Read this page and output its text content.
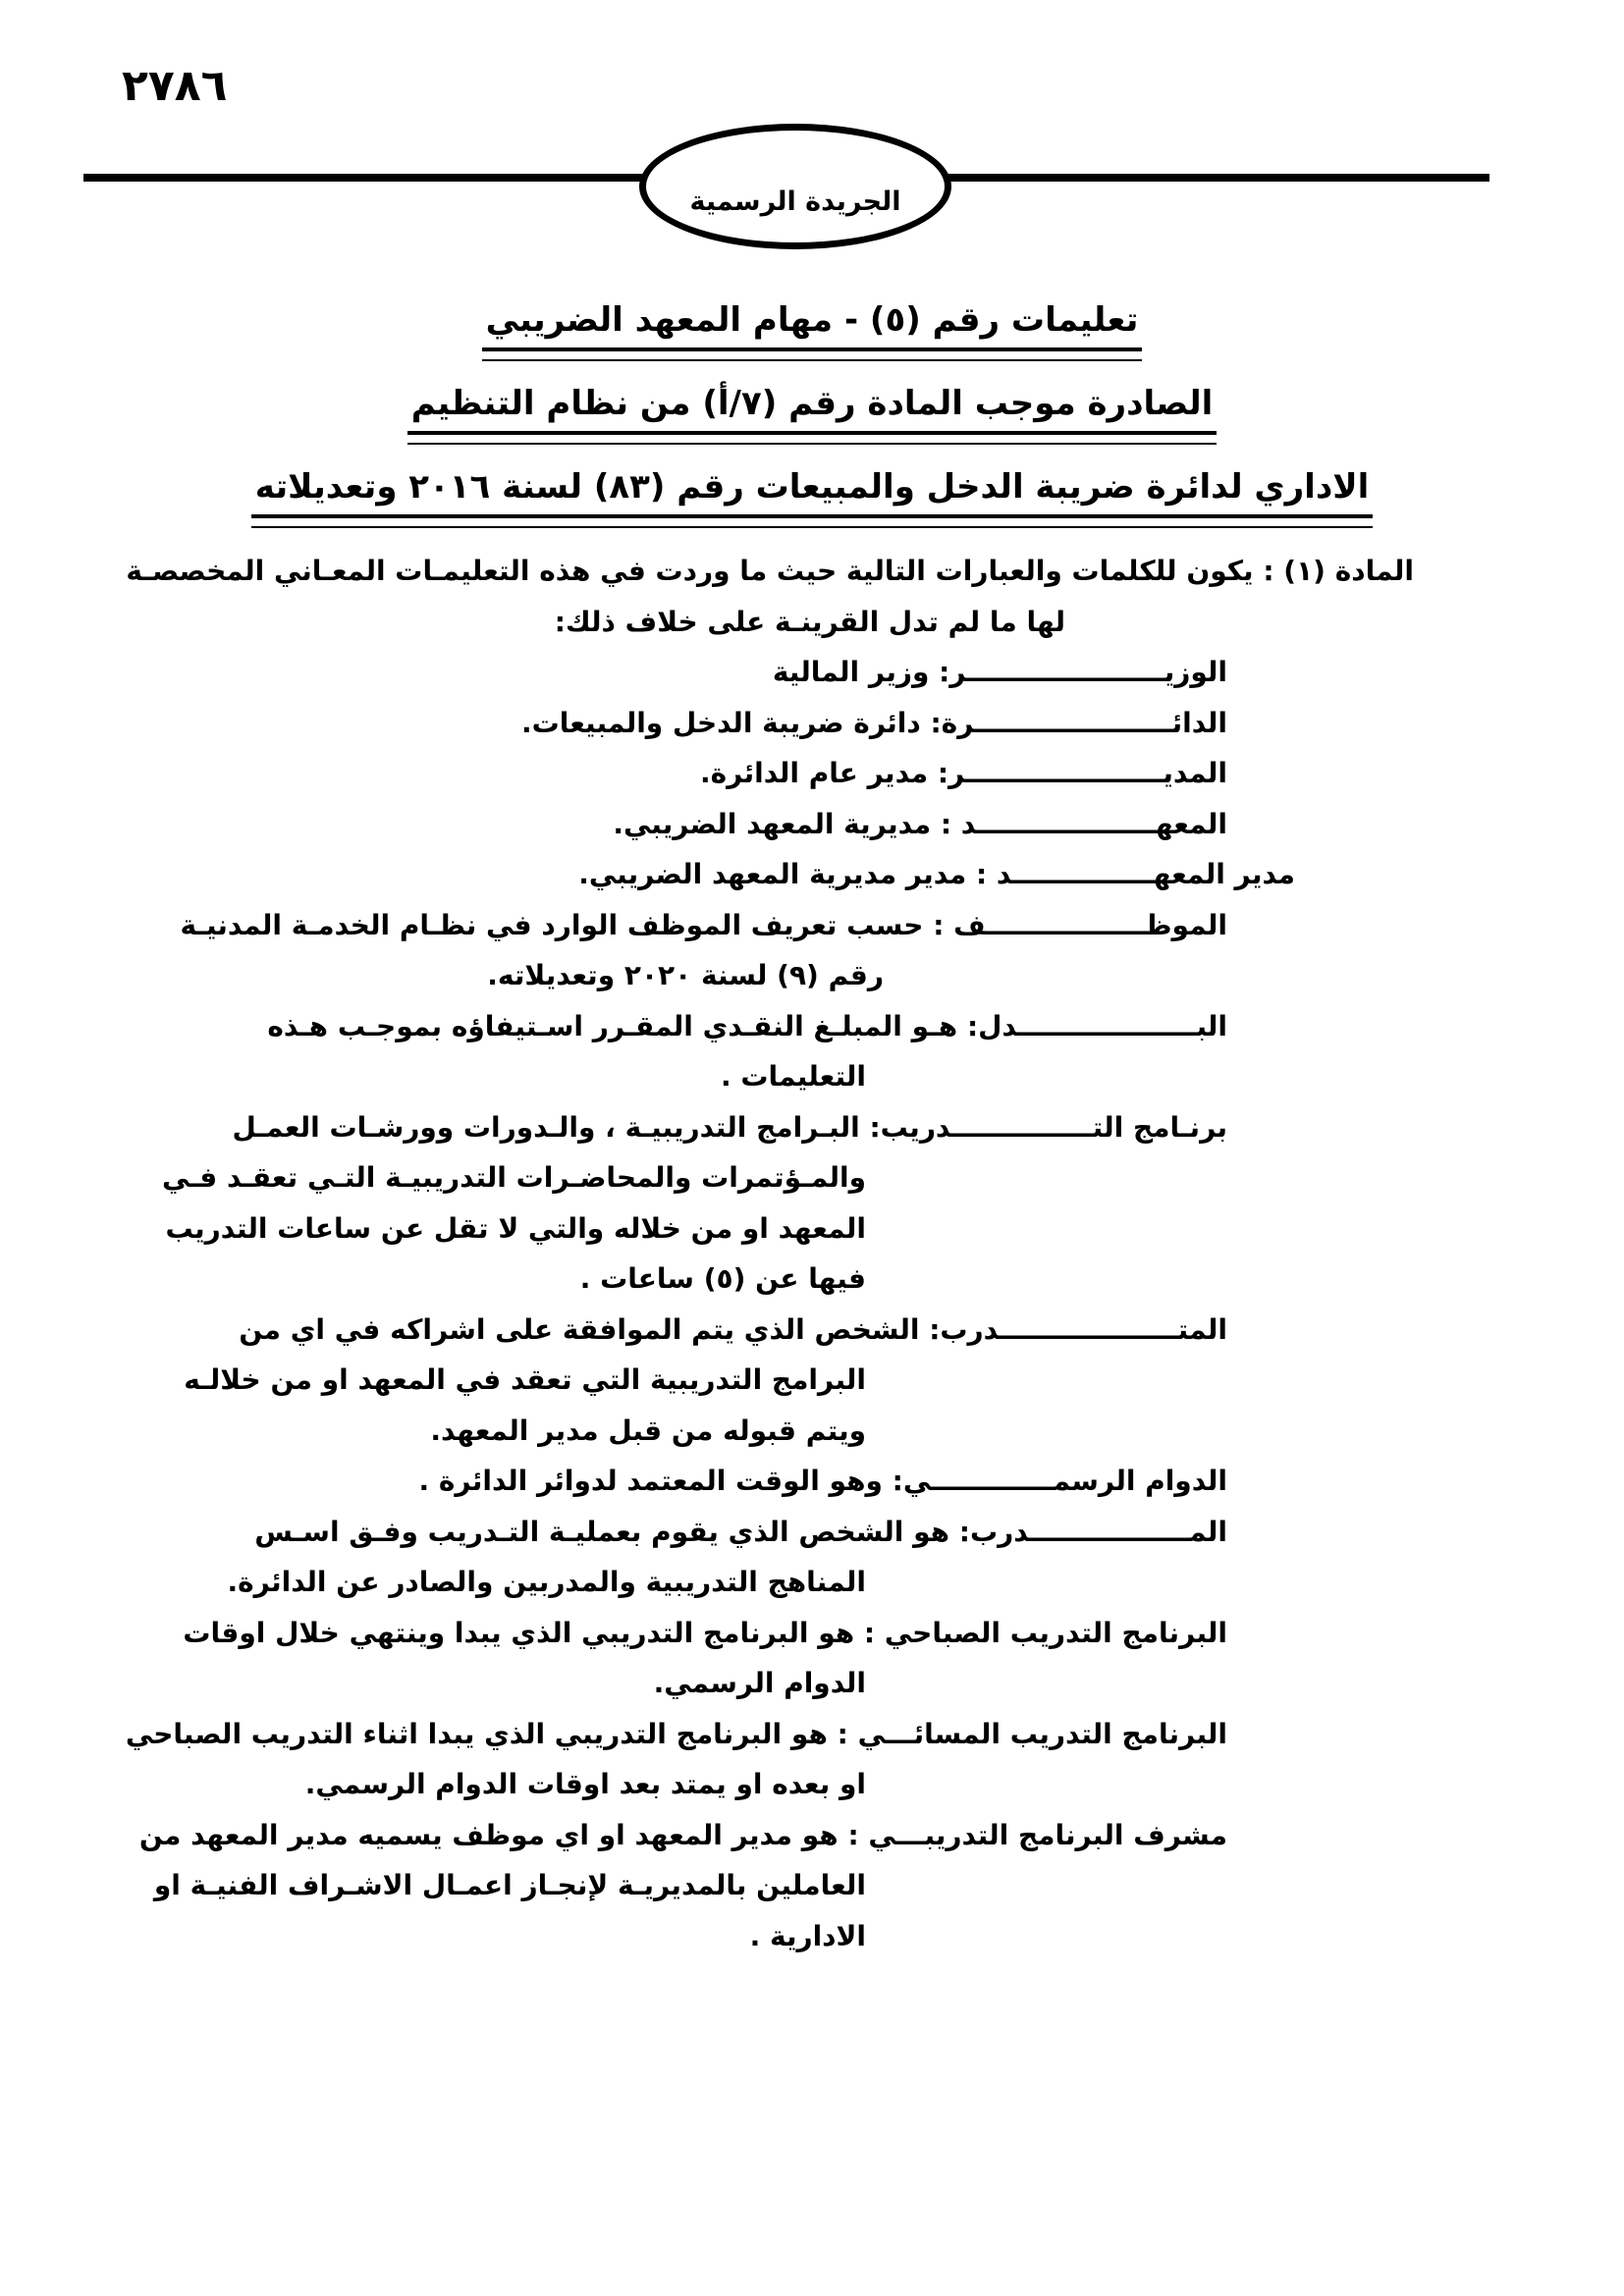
٢٧٨٦
الجريدة الرسمية
تعليمات رقم (٥) - مهام المعهد الضريبي
الصادرة موجب المادة رقم (٧/أ) من نظام التنظيم
الاداري لدائرة ضريبة الدخل والمبيعات رقم (٨٣) لسنة ٢٠١٦ وتعديلاته
المادة (١) : يكون للكلمات والعبارات التالية حيث ما وردت في هذه التعليمـات المعـاني المخصصـة
لها ما لم تدل القرينـة على خلاف ذلك:
الوزيـــــــــــــــــــــر: وزير المالية
الدائـــــــــــــــــــــرة: دائرة ضريبة الدخل والمبيعات.
المديـــــــــــــــــــــر: مدير عام الدائرة.
المعهـــــــــــــــــــد : مديرية المعهد الضريبي.
مدير المعهـــــــــــــــد : مدير مديرية المعهد الضريبي.
الموظـــــــــــــــــف : حسب تعريف الموظف الوارد في نظـام الخدمـة المدنيـة
رقم (٩) لسنة ٢٠٢٠ وتعديلاته.
البـــــــــــــــــــدل: هـو المبلـغ النقـدي المقـرر اسـتيفاؤه بموجـب هـذه
التعليمات .
برنـامج التـــــــــــــــدريب: البـرامج التدريبيـة ، والـدورات وورشـات العمـل
والمـؤتمرات والمحاضـرات التدريبيـة التـي تعقـد فـي
المعهد او من خلاله والتي لا تقل عن ساعات التدريب
فيها عن (٥) ساعات .
المتـــــــــــــــــــدرب: الشخص الذي يتم الموافقة على اشراكه في اي من
البرامج التدريبية التي تعقد في المعهد او من خلالـه
ويتم قبوله من قبل مدير المعهد.
الدوام الرسمـــــــــــــي: وهو الوقت المعتمد لدوائر الدائرة .
المـــــــــــــــــدرب: هو الشخص الذي يقوم بعمليـة التـدريب وفـق اسـس
المناهج التدريبية والمدربين والصادر عن الدائرة.
البرنامج التدريب الصباحي : هو البرنامج التدريبي الذي يبدا وينتهي خلال اوقات
الدوام الرسمي.
البرنامج التدريب المسائـــي : هو البرنامج التدريبي الذي يبدا اثناء التدريب الصباحي
او بعده او يمتد بعد اوقات الدوام الرسمي.
مشرف البرنامج التدريبـــي : هو مدير المعهد او اي موظف يسميه مدير المعهد من
العاملين بالمديريـة لإنجـاز اعمـال الاشـراف الفنيـة او
الادارية .
